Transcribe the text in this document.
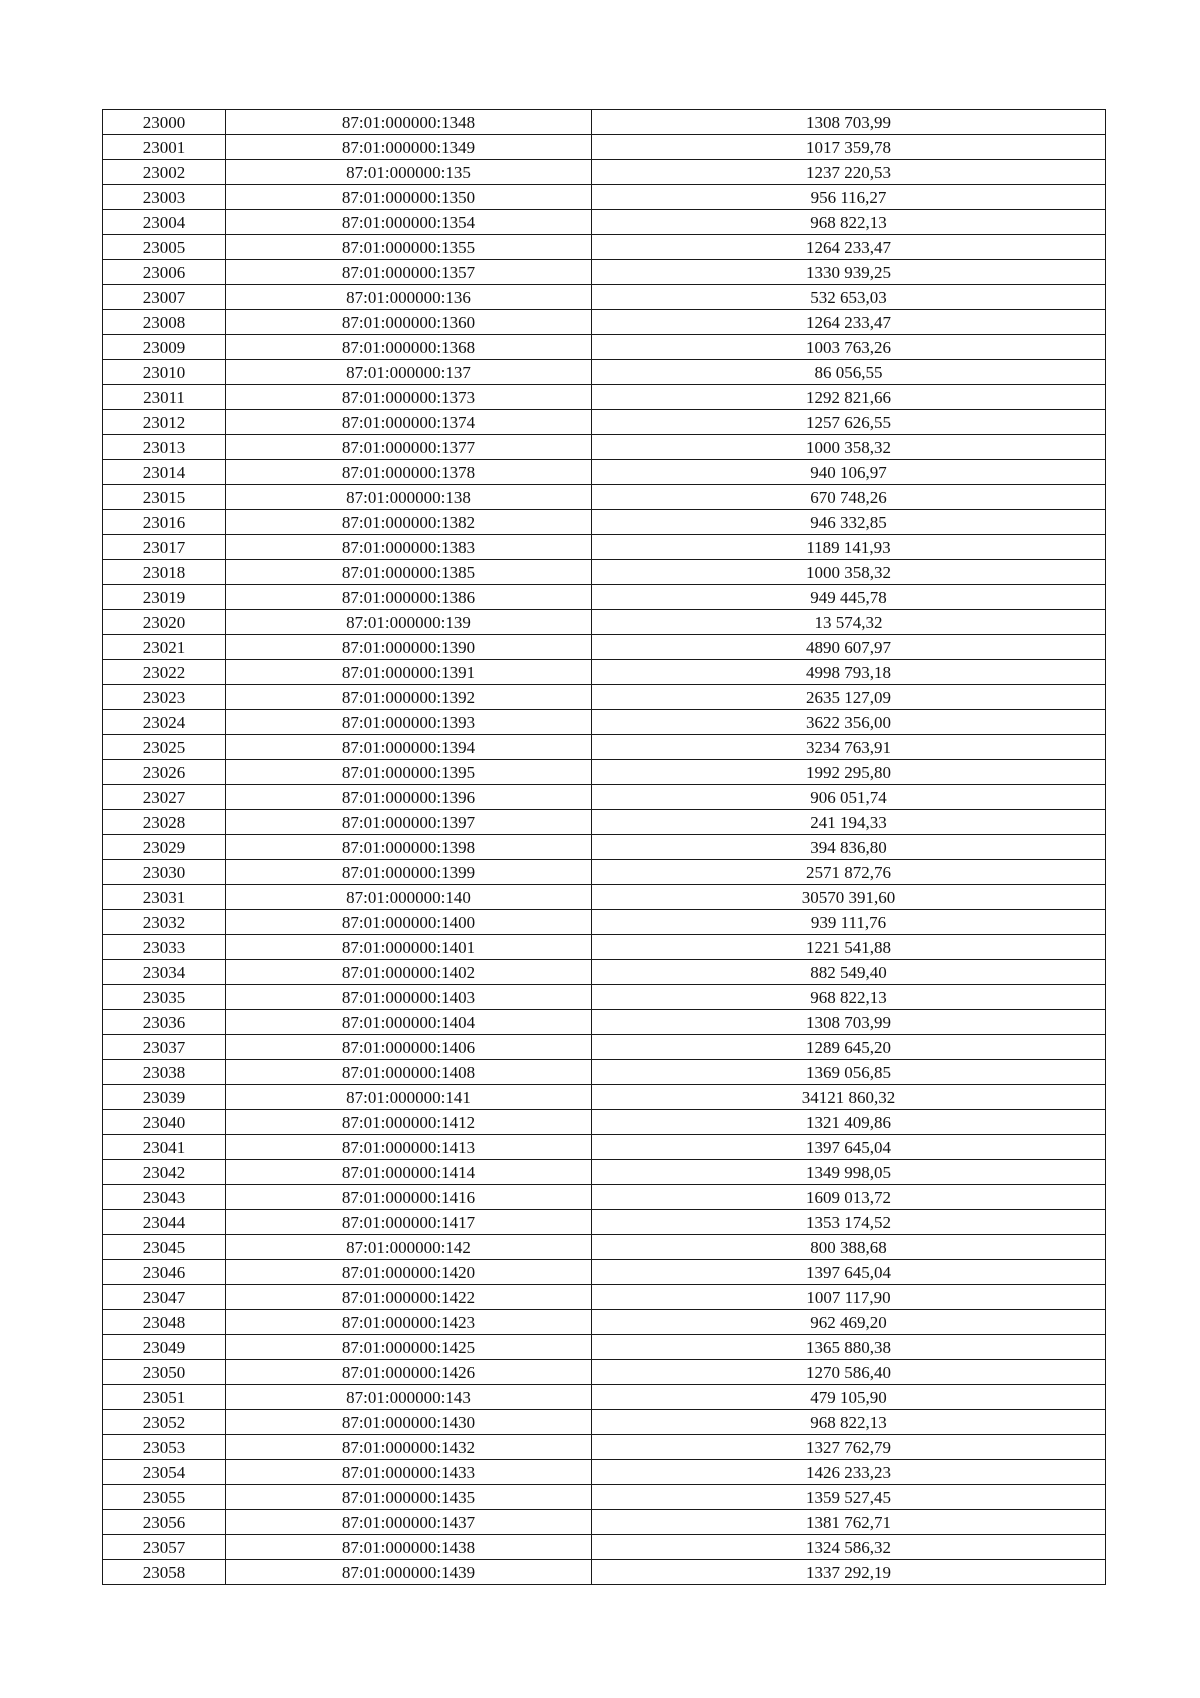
23000	87:01:000000:1348	1308 703,99
23001	87:01:000000:1349	1017 359,78
23002	87:01:000000:135	1237 220,53
23003	87:01:000000:1350	956 116,27
23004	87:01:000000:1354	968 822,13
23005	87:01:000000:1355	1264 233,47
23006	87:01:000000:1357	1330 939,25
23007	87:01:000000:136	532 653,03
23008	87:01:000000:1360	1264 233,47
23009	87:01:000000:1368	1003 763,26
23010	87:01:000000:137	86 056,55
23011	87:01:000000:1373	1292 821,66
23012	87:01:000000:1374	1257 626,55
23013	87:01:000000:1377	1000 358,32
23014	87:01:000000:1378	940 106,97
23015	87:01:000000:138	670 748,26
23016	87:01:000000:1382	946 332,85
23017	87:01:000000:1383	1189 141,93
23018	87:01:000000:1385	1000 358,32
23019	87:01:000000:1386	949 445,78
23020	87:01:000000:139	13 574,32
23021	87:01:000000:1390	4890 607,97
23022	87:01:000000:1391	4998 793,18
23023	87:01:000000:1392	2635 127,09
23024	87:01:000000:1393	3622 356,00
23025	87:01:000000:1394	3234 763,91
23026	87:01:000000:1395	1992 295,80
23027	87:01:000000:1396	906 051,74
23028	87:01:000000:1397	241 194,33
23029	87:01:000000:1398	394 836,80
23030	87:01:000000:1399	2571 872,76
23031	87:01:000000:140	30570 391,60
23032	87:01:000000:1400	939 111,76
23033	87:01:000000:1401	1221 541,88
23034	87:01:000000:1402	882 549,40
23035	87:01:000000:1403	968 822,13
23036	87:01:000000:1404	1308 703,99
23037	87:01:000000:1406	1289 645,20
23038	87:01:000000:1408	1369 056,85
23039	87:01:000000:141	34121 860,32
23040	87:01:000000:1412	1321 409,86
23041	87:01:000000:1413	1397 645,04
23042	87:01:000000:1414	1349 998,05
23043	87:01:000000:1416	1609 013,72
23044	87:01:000000:1417	1353 174,52
23045	87:01:000000:142	800 388,68
23046	87:01:000000:1420	1397 645,04
23047	87:01:000000:1422	1007 117,90
23048	87:01:000000:1423	962 469,20
23049	87:01:000000:1425	1365 880,38
23050	87:01:000000:1426	1270 586,40
23051	87:01:000000:143	479 105,90
23052	87:01:000000:1430	968 822,13
23053	87:01:000000:1432	1327 762,79
23054	87:01:000000:1433	1426 233,23
23055	87:01:000000:1435	1359 527,45
23056	87:01:000000:1437	1381 762,71
23057	87:01:000000:1438	1324 586,32
23058	87:01:000000:1439	1337 292,19
